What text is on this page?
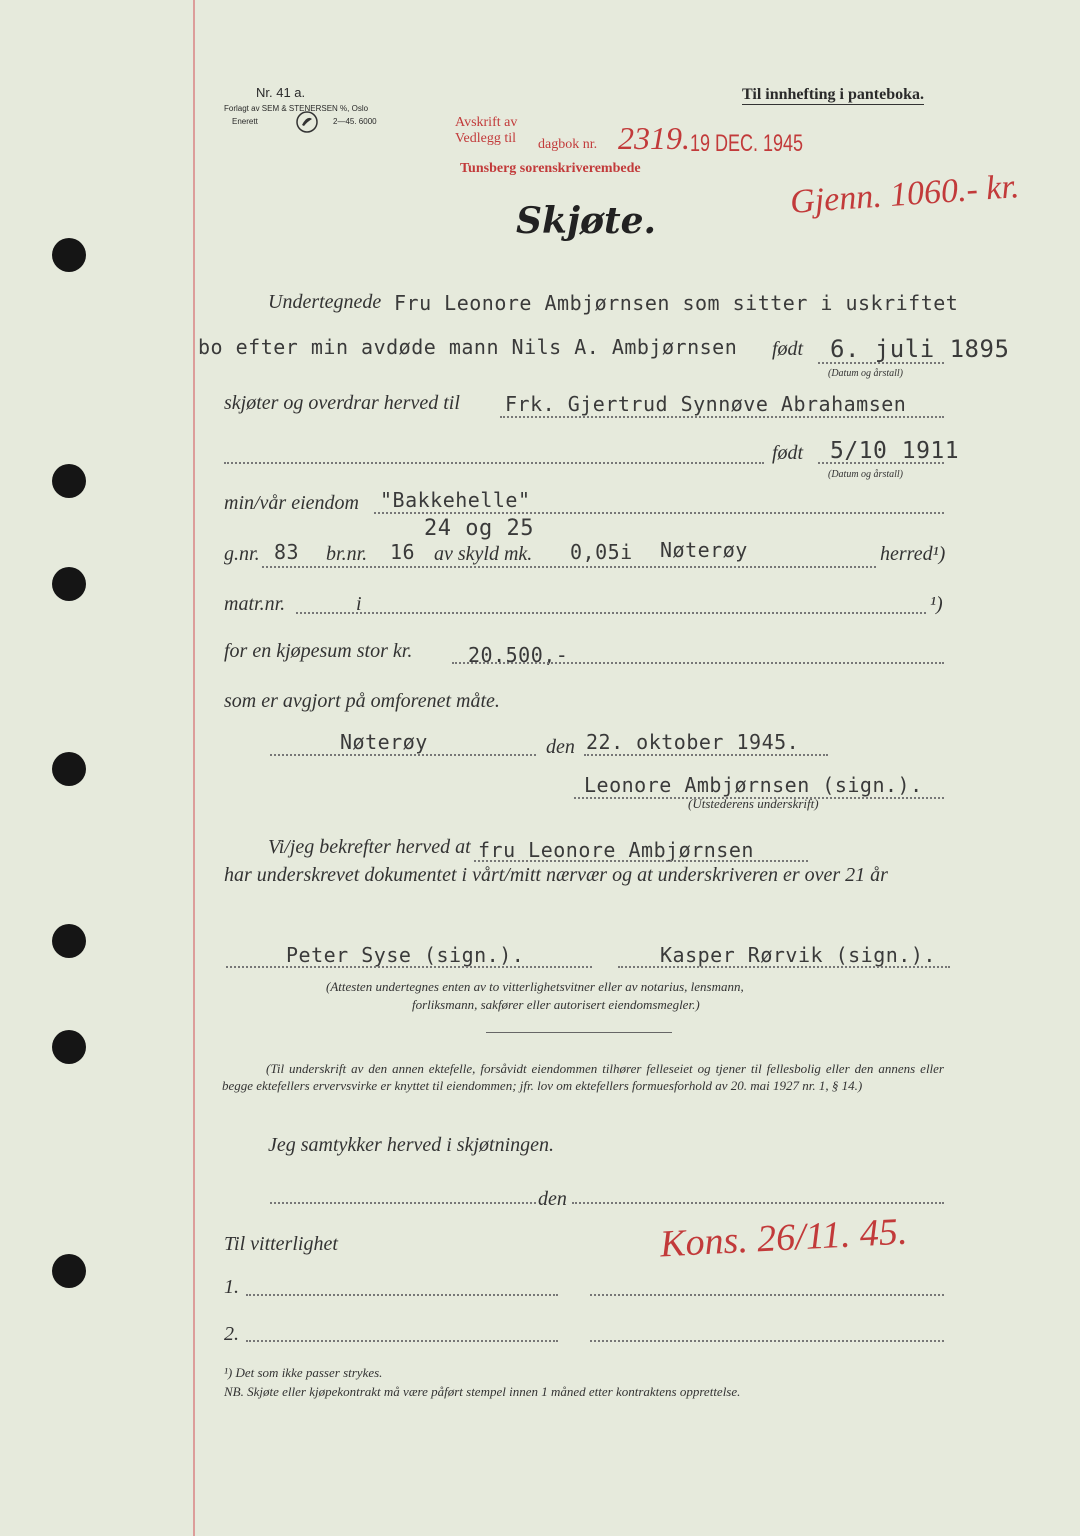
Nr. 41 a.
Forlagt av SEM & STENERSEN %, Oslo
Enerett	2—45. 6000
Til innhefting i panteboka.
Avskrift av
Vedlegg til dagbok nr. 2319. 19 DEC. 1945
Tunsberg sorenskriverembede	Gjenn. 1060.- kr.
Skjøte.
Undertegnede Fru Leonore Ambjørnsen som sitter i uskriftet
bo efter min avdøde mann Nils A. Ambjørnsen født 6. juli 1895
(Datum og årstall)
skjøter og overdrar herved til Frk. Gjertrud Synnøve Abrahamsen
født 5/10 1911
(Datum og årstall)
min/vår eiendom "Bakkehelle"
24 og 25
g.nr. 83 br.nr. 16 av skyld mk. 0,05i Nøterøy	herred¹)
matr.nr.	i	¹)
for en kjøpesum stor kr.	20.500,-
som er avgjort på omforenet måte.
Nøterøy	den 22. oktober 1945.
Leonore Ambjørnsen (sign.).
(Utstederens underskrift)
Vi/jeg bekrefter herved at fru Leonore Ambjørnsen
har underskrevet dokumentet i vårt/mitt nærvær og at underskriveren er over 21 år
Peter Syse (sign.).	Kasper Rørvik (sign.).
(Attesten undertegnes enten av to vitterlighetsvitner eller av notarius, lensmann,
forliksmann, sakfører eller autorisert eiendomsmegler.)
(Til underskrift av den annen ektefelle, forsåvidt eiendommen tilhører felleseiet og tjener til fellesbolig eller den annens eller begge ektefellers ervervsvirke er knyttet til eiendommen; jfr. lov om ektefellers formuesforhold av 20. mai 1927 nr. 1, § 14.)
Jeg samtykker herved i skjøtningen.
den
Til vitterlighet	Kons. 26/11. 45.
1.
2.
¹) Det som ikke passer strykes.
NB. Skjøte eller kjøpekontrakt må være påført stempel innen 1 måned etter kontraktens opprettelse.
